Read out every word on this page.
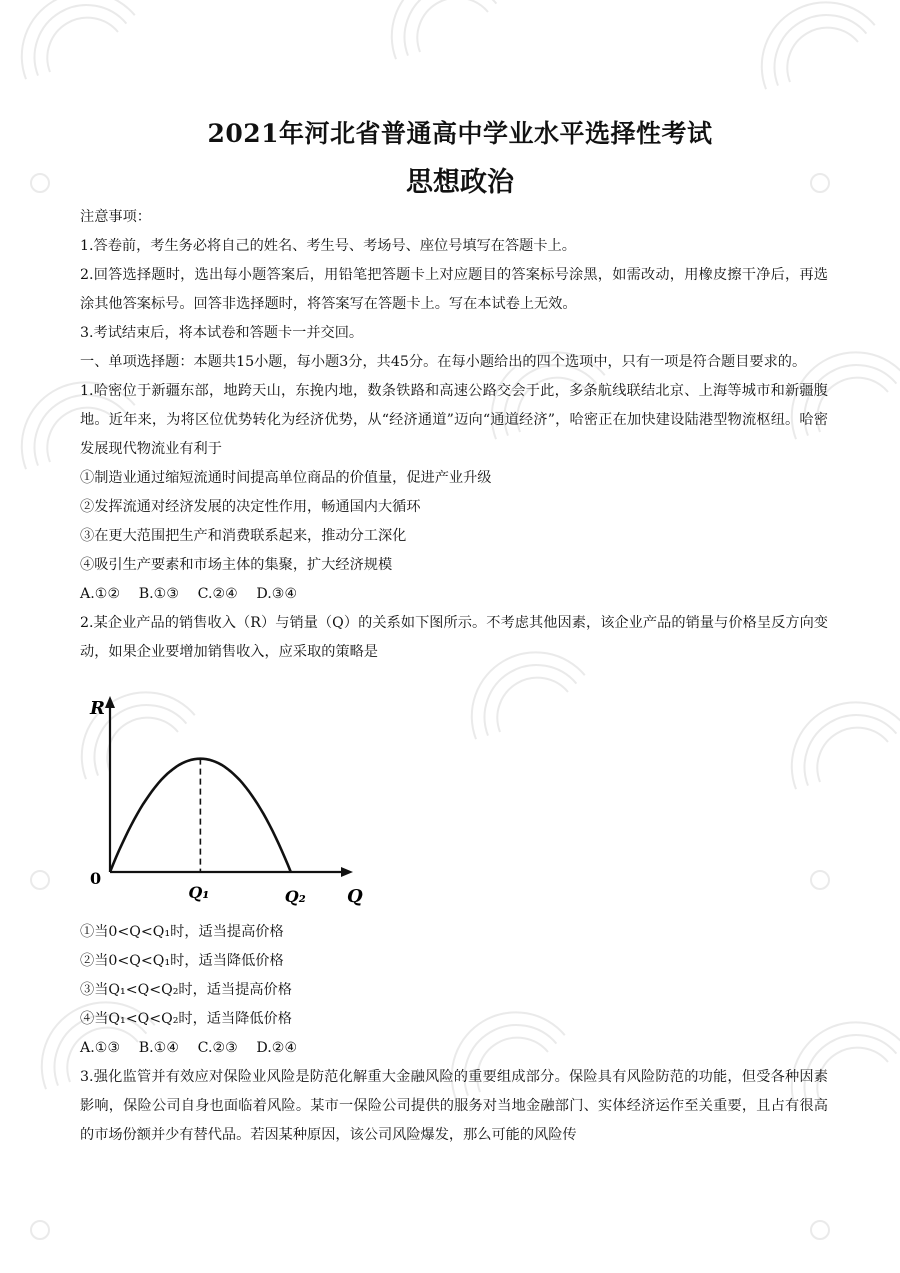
2021年河北省普通高中学业水平选择性考试
思想政治

注意事项：

1.答卷前，考生务必将自己的姓名、考生号、考场号、座位号填写在答题卡上。

2.回答选择题时，选出每小题答案后，用铅笔把答题卡上对应题目的答案标号涂黑，如需改动，用橡皮擦干净后，再选涂其他答案标号。回答非选择题时，将答案写在答题卡上。写在本试卷上无效。

3.考试结束后，将本试卷和答题卡一并交回。

一、单项选择题：本题共15小题，每小题3分，共45分。在每小题给出的四个选项中，只有一项是符合题目要求的。

1.哈密位于新疆东部，地跨天山，东挽内地，数条铁路和高速公路交会于此，多条航线联结北京、上海等城市和新疆腹地。近年来，为将区位优势转化为经济优势，从“经济通道”迈向“通道经济”，哈密正在加快建设陆港型物流枢纽。哈密发展现代物流业有利于

①制造业通过缩短流通时间提高单位商品的价值量，促进产业升级

②发挥流通对经济发展的决定性作用，畅通国内大循环

③在更大范围把生产和消费联系起来，推动分工深化

④吸引生产要素和市场主体的集聚，扩大经济规模

A.①② B.①③ C.②④ D.③④

2.某企业产品的销售收入（R）与销量（Q）的关系如下图所示。不考虑其他因素，该企业产品的销量与价格呈反方向变动，如果企业要增加销售收入，应采取的策略是

R
Q
0
Q₁	Q₂

①当0<Q<Q₁时，适当提高价格

②当0<Q<Q₁时，适当降低价格

③当Q₁<Q<Q₂时，适当提高价格

④当Q₁<Q<Q₂时，适当降低价格

A.①③ B.①④ C.②③ D.②④

3.强化监管并有效应对保险业风险是防范化解重大金融风险的重要组成部分。保险具有风险防范的功能，但受各种因素影响，保险公司自身也面临着风险。某市一保险公司提供的服务对当地金融部门、实体经济运作至关重要，且占有很高的市场份额并少有替代品。若因某种原因，该公司风险爆发，那么可能的风险传
